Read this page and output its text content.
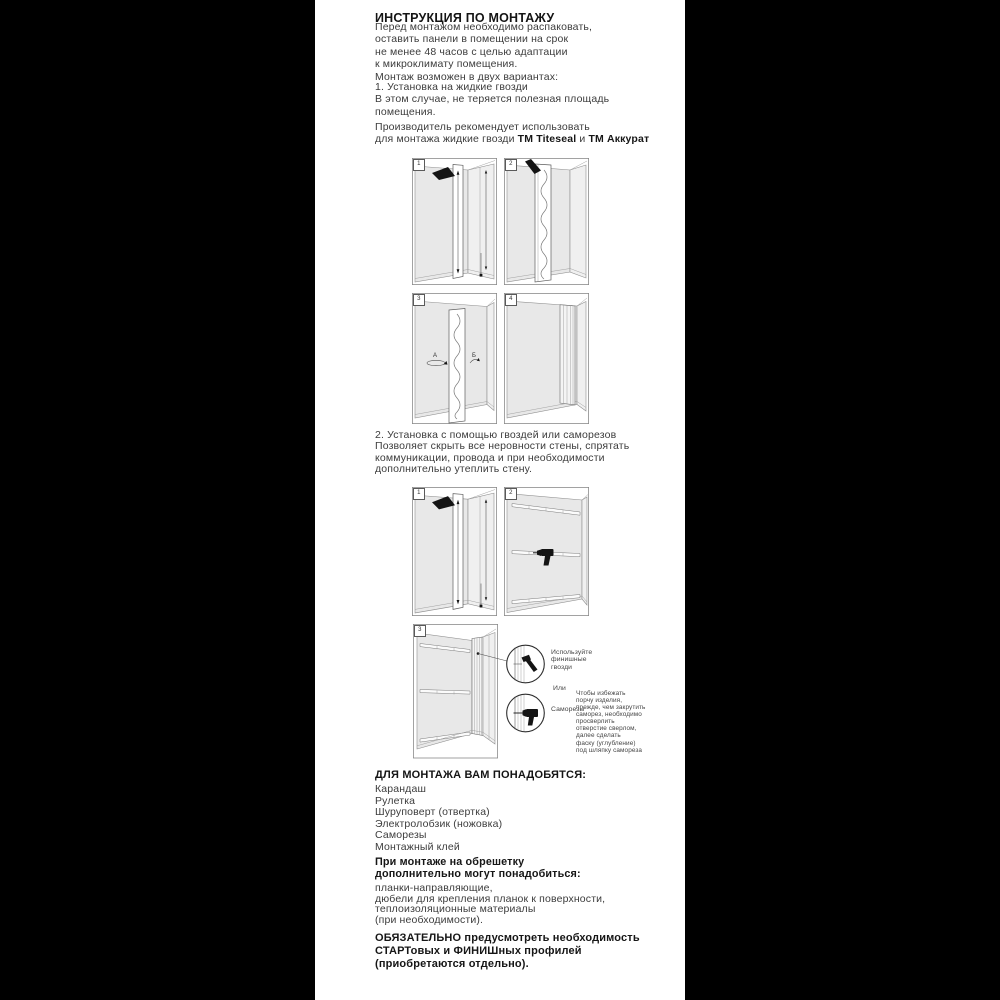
ИНСТРУКЦИЯ ПО МОНТАЖУ
Перед монтажом необходимо распаковать,
оставить панели в помещении на срок
не менее 48 часов с целью адаптации
к микроклимату помещения.
Монтаж возможен в двух вариантах:
1. Установка на жидкие гвозди
В этом случае, не теряется полезная площадь
помещения.
Производитель рекомендует использовать
для монтажа жидкие гвозди ТМ Titeseal и ТМ Аккурат
1	2
А	Б
3	4
2. Установка с помощью гвоздей или саморезов
Позволяет скрыть все неровности стены, спрятать
коммуникации, провода и при необходимости
дополнительно утеплить стену.
1	2
3
Используйте
финишные
гвозди
Или
Саморезы
Чтобы избежать
порчу изделия,
прежде, чем закрутить
саморез, необходимо
просверлить
отверстие сверлом,
далее сделать
фаску (углубление)
под шляпку самореза
ДЛЯ МОНТАЖА ВАМ ПОНАДОБЯТСЯ:
Карандаш
Рулетка
Шуруповерт (отвертка)
Электролобзик (ножовка)
Саморезы
Монтажный клей
При монтаже на обрешетку
дополнительно могут понадобиться:
планки-направляющие,
дюбели для крепления планок к поверхности,
теплоизоляционные материалы
(при необходимости).
ОБЯЗАТЕЛЬНО предусмотреть необходимость
СТАРТовых и ФИНИШных профилей
(приобретаются отдельно).
